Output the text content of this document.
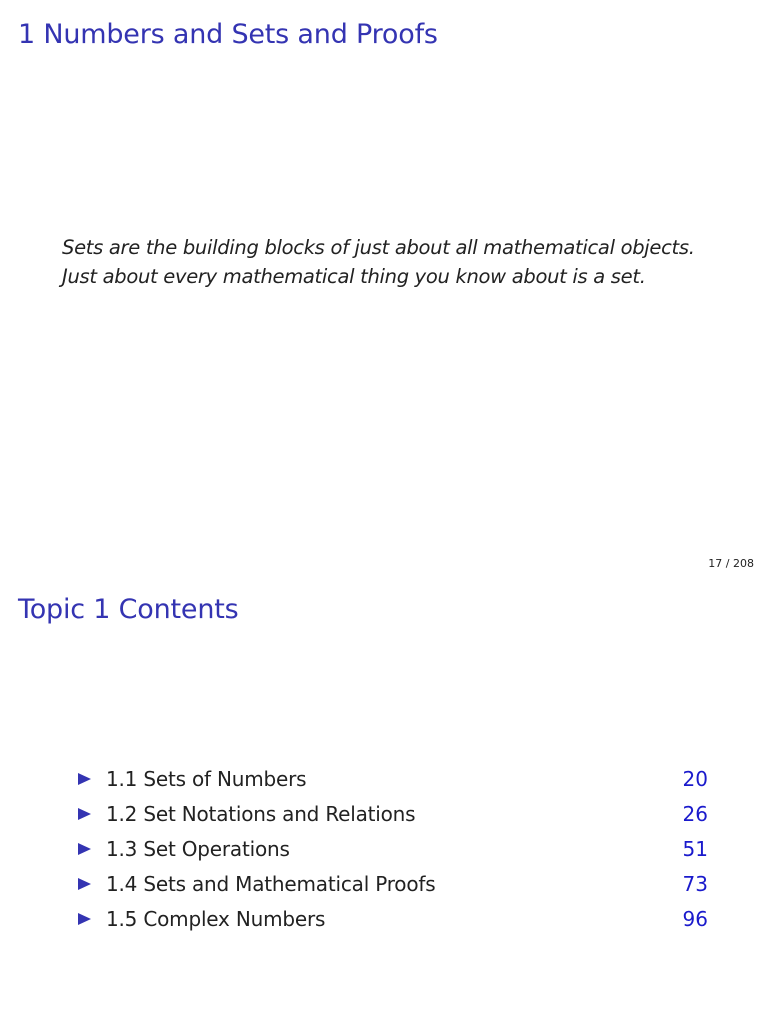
1 Numbers and Sets and Proofs
Sets are the building blocks of just about all mathematical objects.
Just about every mathematical thing you know about is a set.
17 / 208
Topic 1 Contents
1.1 Sets of Numbers	20
1.2 Set Notations and Relations	26
1.3 Set Operations	51
1.4 Sets and Mathematical Proofs	73
1.5 Complex Numbers	96
